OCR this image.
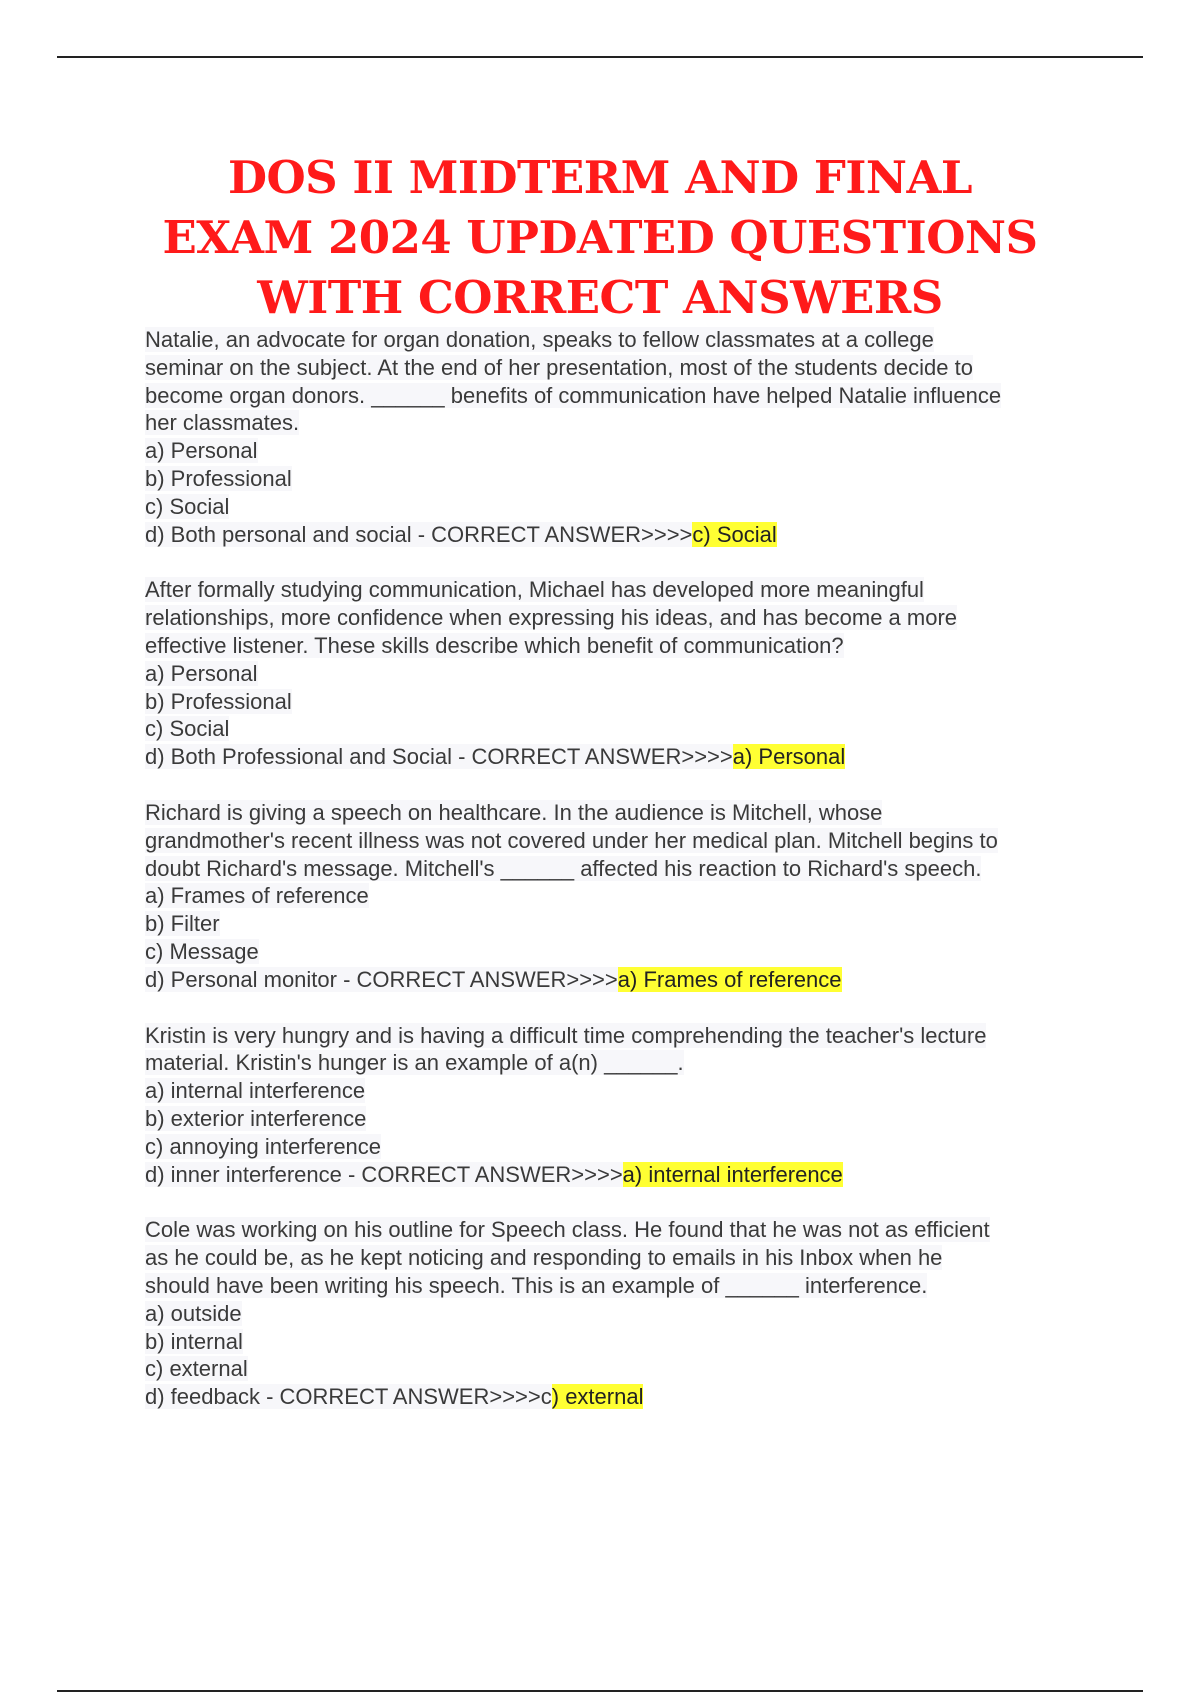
DOS II MIDTERM AND FINAL
EXAM 2024 UPDATED QUESTIONS
WITH CORRECT ANSWERS
Natalie, an advocate for organ donation, speaks to fellow classmates at a college
seminar on the subject. At the end of her presentation, most of the students decide to
become organ donors. ______ benefits of communication have helped Natalie influence
her classmates.
a) Personal
b) Professional
c) Social
d) Both personal and social - CORRECT ANSWER>>>>c) Social
After formally studying communication, Michael has developed more meaningful
relationships, more confidence when expressing his ideas, and has become a more
effective listener. These skills describe which benefit of communication?
a) Personal
b) Professional
c) Social
d) Both Professional and Social - CORRECT ANSWER>>>>a) Personal
Richard is giving a speech on healthcare. In the audience is Mitchell, whose
grandmother's recent illness was not covered under her medical plan. Mitchell begins to
doubt Richard's message. Mitchell's ______ affected his reaction to Richard's speech.
a) Frames of reference
b) Filter
c) Message
d) Personal monitor - CORRECT ANSWER>>>>a) Frames of reference
Kristin is very hungry and is having a difficult time comprehending the teacher's lecture
material. Kristin's hunger is an example of a(n) ______.
a) internal interference
b) exterior interference
c) annoying interference
d) inner interference - CORRECT ANSWER>>>>a) internal interference
Cole was working on his outline for Speech class. He found that he was not as efficient
as he could be, as he kept noticing and responding to emails in his Inbox when he
should have been writing his speech. This is an example of ______ interference.
a) outside
b) internal
c) external
d) feedback - CORRECT ANSWER>>>>c) external
